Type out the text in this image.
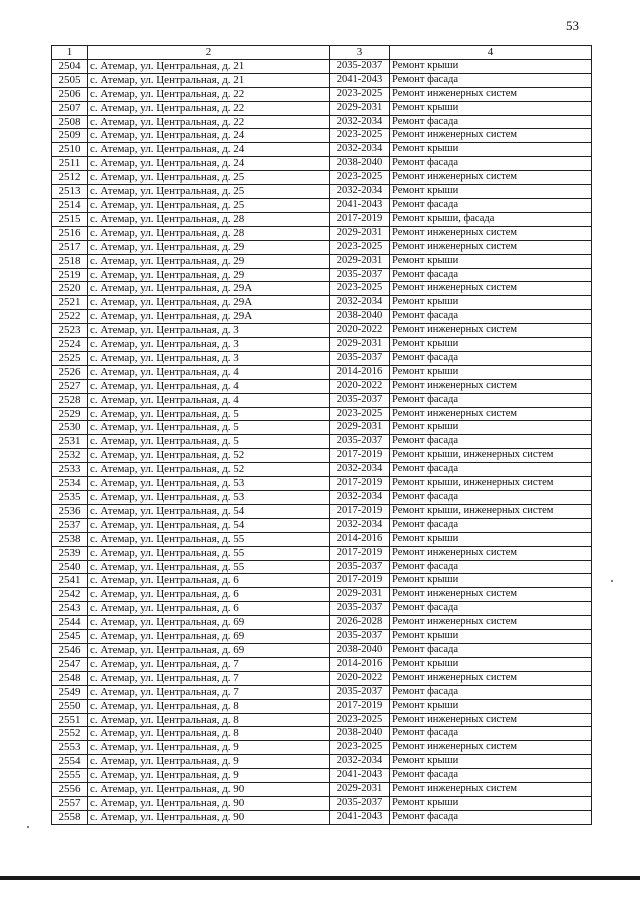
53
1	2	3	4
2504	с. Атемар, ул. Центральная, д. 21	2035-2037	Ремонт крыши
2505	с. Атемар, ул. Центральная, д. 21	2041-2043	Ремонт фасада
2506	с. Атемар, ул. Центральная, д. 22	2023-2025	Ремонт инженерных систем
2507	с. Атемар, ул. Центральная, д. 22	2029-2031	Ремонт крыши
2508	с. Атемар, ул. Центральная, д. 22	2032-2034	Ремонт фасада
2509	с. Атемар, ул. Центральная, д. 24	2023-2025	Ремонт инженерных систем
2510	с. Атемар, ул. Центральная, д. 24	2032-2034	Ремонт крыши
2511	с. Атемар, ул. Центральная, д. 24	2038-2040	Ремонт фасада
2512	с. Атемар, ул. Центральная, д. 25	2023-2025	Ремонт инженерных систем
2513	с. Атемар, ул. Центральная, д. 25	2032-2034	Ремонт крыши
2514	с. Атемар, ул. Центральная, д. 25	2041-2043	Ремонт фасада
2515	с. Атемар, ул. Центральная, д. 28	2017-2019	Ремонт крыши, фасада
2516	с. Атемар, ул. Центральная, д. 28	2029-2031	Ремонт инженерных систем
2517	с. Атемар, ул. Центральная, д. 29	2023-2025	Ремонт инженерных систем
2518	с. Атемар, ул. Центральная, д. 29	2029-2031	Ремонт крыши
2519	с. Атемар, ул. Центральная, д. 29	2035-2037	Ремонт фасада
2520	с. Атемар, ул. Центральная, д. 29А	2023-2025	Ремонт инженерных систем
2521	с. Атемар, ул. Центральная, д. 29А	2032-2034	Ремонт крыши
2522	с. Атемар, ул. Центральная, д. 29А	2038-2040	Ремонт фасада
2523	с. Атемар, ул. Центральная, д. 3	2020-2022	Ремонт инженерных систем
2524	с. Атемар, ул. Центральная, д. 3	2029-2031	Ремонт крыши
2525	с. Атемар, ул. Центральная, д. 3	2035-2037	Ремонт фасада
2526	с. Атемар, ул. Центральная, д. 4	2014-2016	Ремонт крыши
2527	с. Атемар, ул. Центральная, д. 4	2020-2022	Ремонт инженерных систем
2528	с. Атемар, ул. Центральная, д. 4	2035-2037	Ремонт фасада
2529	с. Атемар, ул. Центральная, д. 5	2023-2025	Ремонт инженерных систем
2530	с. Атемар, ул. Центральная, д. 5	2029-2031	Ремонт крыши
2531	с. Атемар, ул. Центральная, д. 5	2035-2037	Ремонт фасада
2532	с. Атемар, ул. Центральная, д. 52	2017-2019	Ремонт крыши, инженерных систем
2533	с. Атемар, ул. Центральная, д. 52	2032-2034	Ремонт фасада
2534	с. Атемар, ул. Центральная, д. 53	2017-2019	Ремонт крыши, инженерных систем
2535	с. Атемар, ул. Центральная, д. 53	2032-2034	Ремонт фасада
2536	с. Атемар, ул. Центральная, д. 54	2017-2019	Ремонт крыши, инженерных систем
2537	с. Атемар, ул. Центральная, д. 54	2032-2034	Ремонт фасада
2538	с. Атемар, ул. Центральная, д. 55	2014-2016	Ремонт крыши
2539	с. Атемар, ул. Центральная, д. 55	2017-2019	Ремонт инженерных систем
2540	с. Атемар, ул. Центральная, д. 55	2035-2037	Ремонт фасада
2541	с. Атемар, ул. Центральная, д. 6	2017-2019	Ремонт крыши
2542	с. Атемар, ул. Центральная, д. 6	2029-2031	Ремонт инженерных систем
2543	с. Атемар, ул. Центральная, д. 6	2035-2037	Ремонт фасада
2544	с. Атемар, ул. Центральная, д. 69	2026-2028	Ремонт инженерных систем
2545	с. Атемар, ул. Центральная, д. 69	2035-2037	Ремонт крыши
2546	с. Атемар, ул. Центральная, д. 69	2038-2040	Ремонт фасада
2547	с. Атемар, ул. Центральная, д. 7	2014-2016	Ремонт крыши
2548	с. Атемар, ул. Центральная, д. 7	2020-2022	Ремонт инженерных систем
2549	с. Атемар, ул. Центральная, д. 7	2035-2037	Ремонт фасада
2550	с. Атемар, ул. Центральная, д. 8	2017-2019	Ремонт крыши
2551	с. Атемар, ул. Центральная, д. 8	2023-2025	Ремонт инженерных систем
2552	с. Атемар, ул. Центральная, д. 8	2038-2040	Ремонт фасада
2553	с. Атемар, ул. Центральная, д. 9	2023-2025	Ремонт инженерных систем
2554	с. Атемар, ул. Центральная, д. 9	2032-2034	Ремонт крыши
2555	с. Атемар, ул. Центральная, д. 9	2041-2043	Ремонт фасада
2556	с. Атемар, ул. Центральная, д. 90	2029-2031	Ремонт инженерных систем
2557	с. Атемар, ул. Центральная, д. 90	2035-2037	Ремонт крыши
2558	с. Атемар, ул. Центральная, д. 90	2041-2043	Ремонт фасада
